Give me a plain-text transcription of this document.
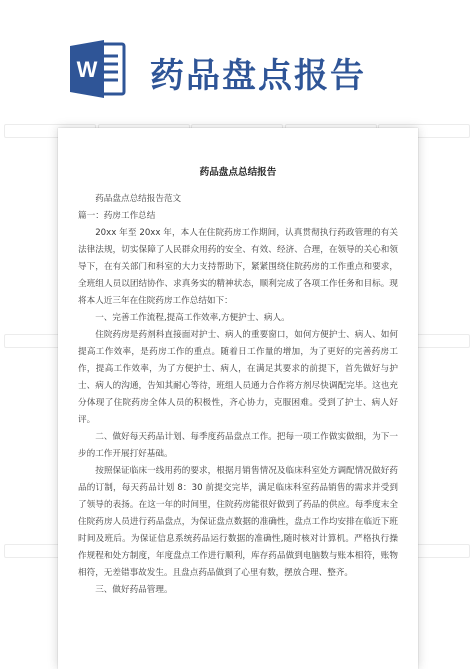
W 药品盘点报告
药品盘点总结报告

药品盘点总结报告范文

篇一：药房工作总结

20xx 年至 20xx 年，本人在住院药房工作期间，认真贯彻执行药政管理的有关法律法规，切实保障了人民群众用药的安全、有效、经济、合理，在领导的关心和领导下，在有关部门和科室的大力支持帮助下，紧紧围绕住院药房的工作重点和要求，全班组人员以团结协作、求真务实的精神状态，顺利完成了各项工作任务和目标。现将本人近三年在住院药房工作总结如下：

一、完善工作流程,提高工作效率,方便护士、病人。

住院药房是药剂科直接面对护士、病人的重要窗口，如何方便护士、病人、如何提高工作效率，是药房工作的重点。随着日工作量的增加，为了更好的完善药房工作，提高工作效率，为了方便护士、病人，在满足其要求的前提下，首先做好与护士、病人的沟通，告知其耐心等待，班组人员通力合作将方剂尽快调配完毕。这也充分体现了住院药房全体人员的积极性，齐心协力，克服困难。受到了护士、病人好评。

二、做好每天药品计划、每季度药品盘点工作。把每一项工作做实做细，为下一步的工作开展打好基础。

按照保证临床一线用药的要求，根据月销售情况及临床科室处方调配情况做好药品的订制，每天药品计划 8：30 前提交完毕，满足临床科室药品销售的需求并受到了领导的表扬。在这一年的时间里，住院药房能很好做到了药品的供应。每季度末全住院药房人员进行药品盘点，为保证盘点数据的准确性，盘点工作均安排在临近下班时间及班后。为保证信息系统药品运行数据的准确性,随时核对计算机。严格执行操作规程和处方制度，年度盘点工作进行顺利，库存药品做到电脑数与账本相符，账物相符，无差错事故发生。且盘点药品做到了心里有数，摆放合理、整齐。

三、做好药品管理。
